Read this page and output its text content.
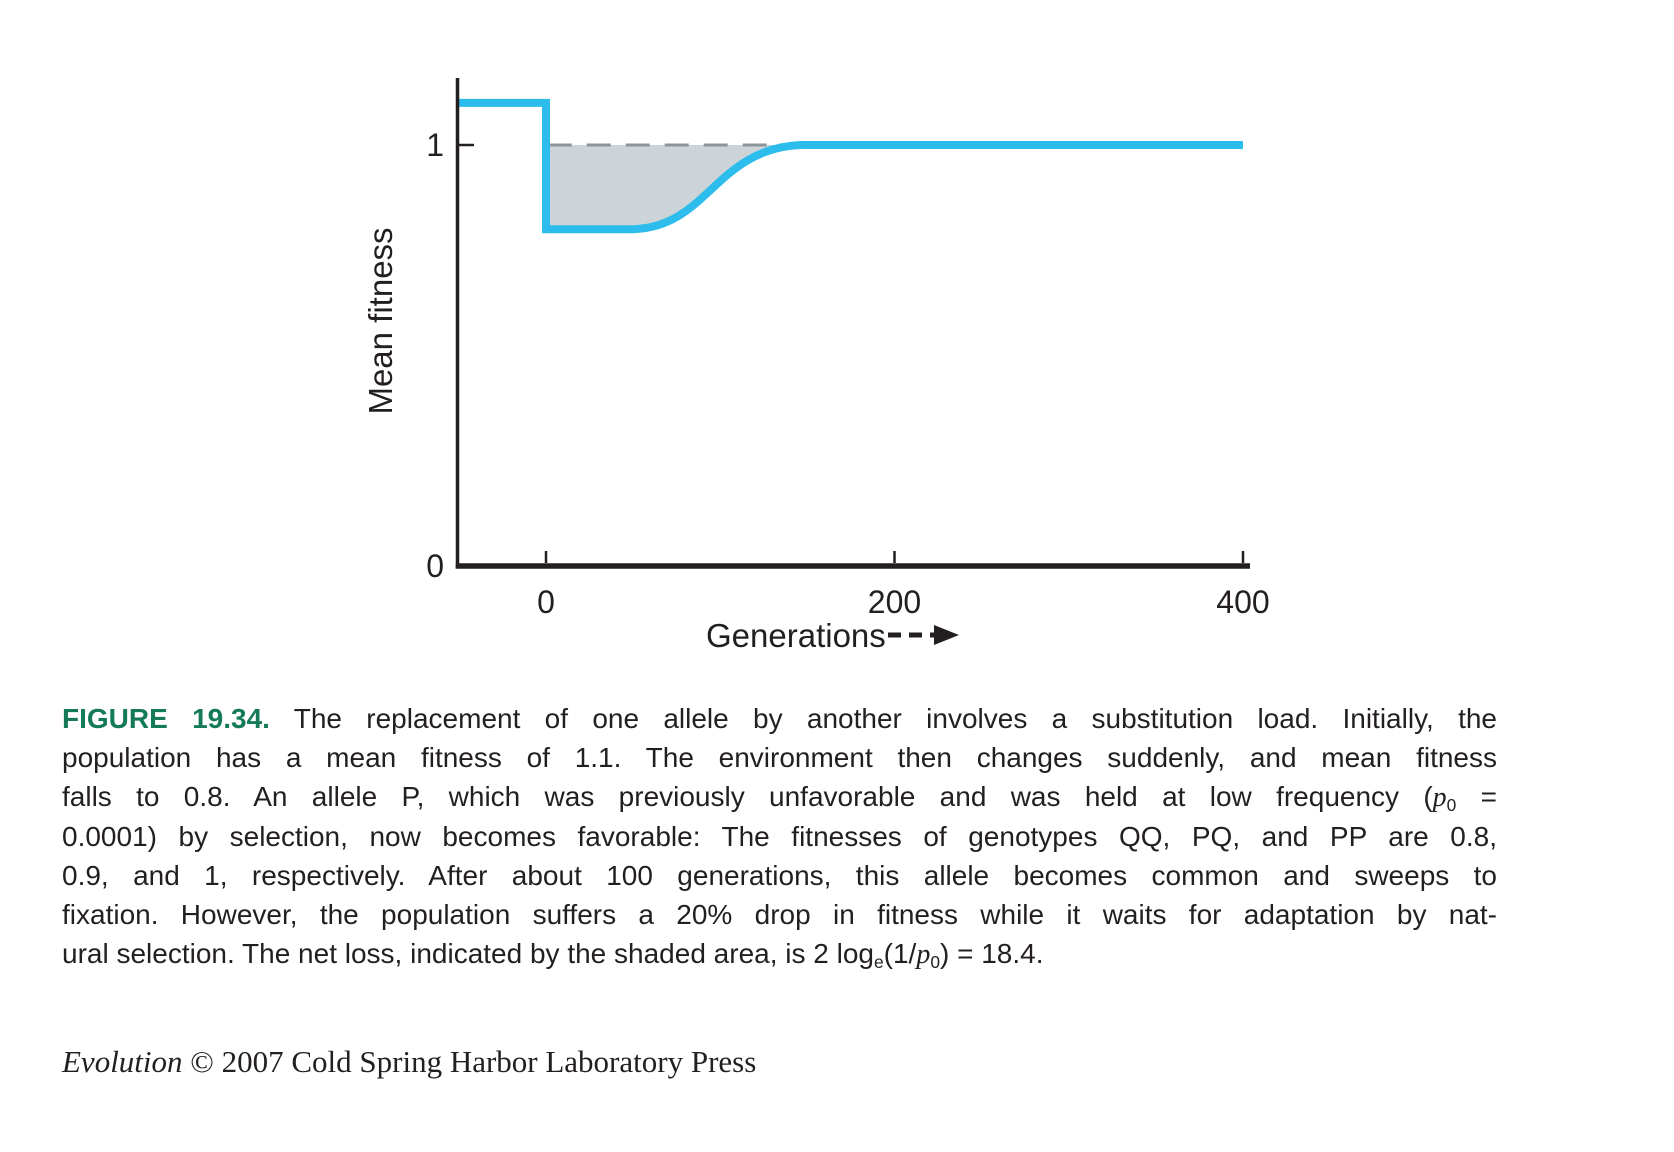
1
0
0	200	400
Mean fitness
Generations
FIGURE 19.34. The replacement of one allele by another involves a substitution load. Initially, the
population has a mean fitness of 1.1. The environment then changes suddenly, and mean fitness
falls to 0.8. An allele P, which was previously unfavorable and was held at low frequency ($p_0$ =
0.0001) by selection, now becomes favorable: The fitnesses of genotypes QQ, PQ, and PP are 0.8,
0.9, and 1, respectively. After about 100 generations, this allele becomes common and sweeps to
fixation. However, the population suffers a 20% drop in fitness while it waits for adaptation by nat-
ural selection. The net loss, indicated by the shaded area, is 2 $\log_e(1/p_0) = 18.4$.
Evolution © 2007 Cold Spring Harbor Laboratory Press
